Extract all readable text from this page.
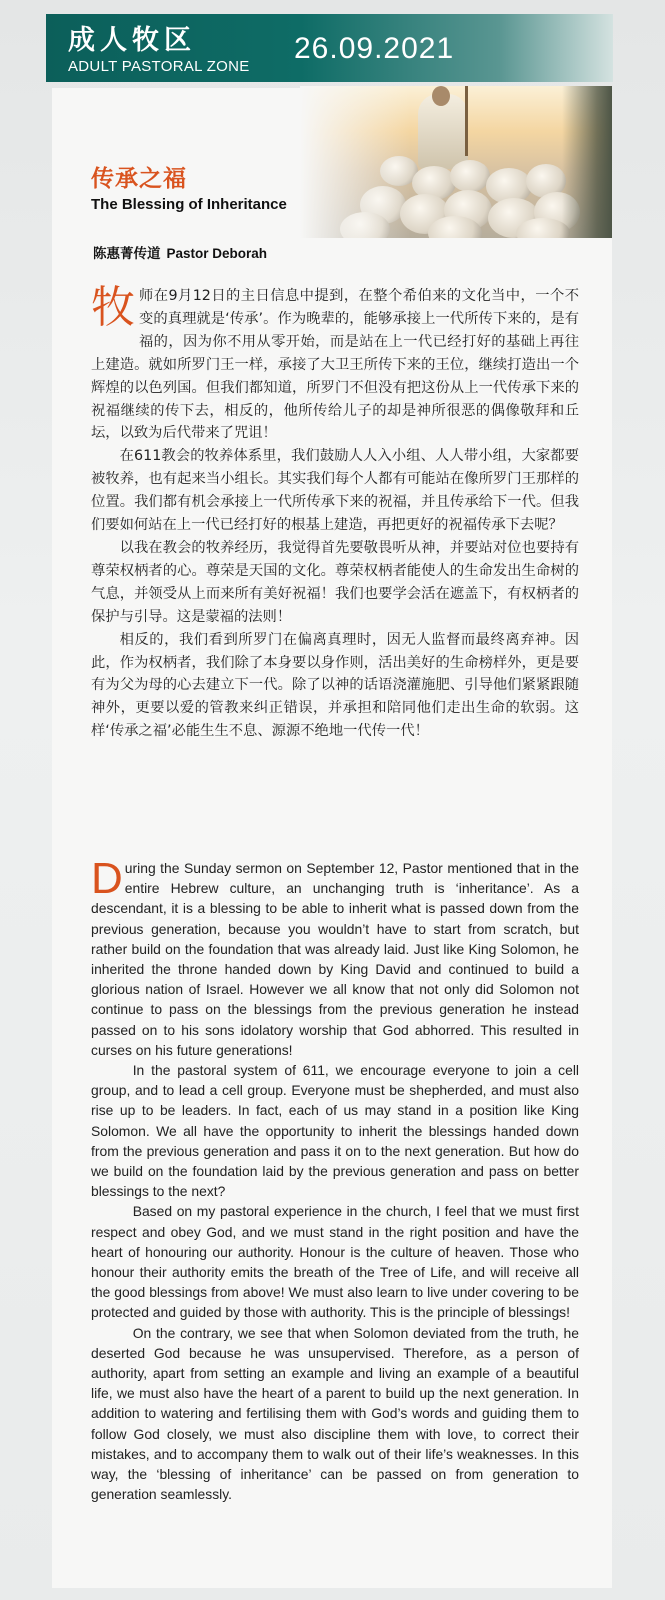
成人牧区
ADULT PASTORAL ZONE
26.09.2021
传承之福
The Blessing of Inheritance
陈惠菁传道 Pastor Deborah

牧师在9月12日的主日信息中提到，在整个希伯来的文化当中，一个不变的真理就是‘传承’。作为晚辈的，能够承接上一代所传下来的，是有福的，因为你不用从零开始，而是站在上一代已经打好的基础上再往上建造。就如所罗门王一样，承接了大卫王所传下来的王位，继续打造出一个辉煌的以色列国。但我们都知道，所罗门不但没有把这份从上一代传承下来的祝福继续的传下去，相反的，他所传给儿子的却是神所很恶的偶像敬拜和丘坛，以致为后代带来了咒诅！

在611教会的牧养体系里，我们鼓励人人入小组、人人带小组，大家都要被牧养，也有起来当小组长。其实我们每个人都有可能站在像所罗门王那样的位置。我们都有机会承接上一代所传承下来的祝福，并且传承给下一代。但我们要如何站在上一代已经打好的根基上建造，再把更好的祝福传承下去呢？

以我在教会的牧养经历，我觉得首先要敬畏听从神，并要站对位也要持有尊荣权柄者的心。尊荣是天国的文化。尊荣权柄者能使人的生命发出生命树的气息，并领受从上而来所有美好祝福！我们也要学会活在遮盖下，有权柄者的保护与引导。这是蒙福的法则！

相反的，我们看到所罗门在偏离真理时，因无人监督而最终离弃神。因此，作为权柄者，我们除了本身要以身作则，活出美好的生命榜样外，更是要有为父为母的心去建立下一代。除了以神的话语浇灌施肥、引导他们紧紧跟随神外，更要以爱的管教来纠正错误，并承担和陪同他们走出生命的软弱。这样‘传承之福’必能生生不息、源源不绝地一代传一代！

During the Sunday sermon on September 12, Pastor mentioned that in the entire Hebrew culture, an unchanging truth is ‘inheritance’. As a descendant, it is a blessing to be able to inherit what is passed down from the previous generation, because you wouldn’t have to start from scratch, but rather build on the foundation that was already laid. Just like King Solomon, he inherited the throne handed down by King David and continued to build a glorious nation of Israel. However we all know that not only did Solomon not continue to pass on the blessings from the previous generation he instead passed on to his sons idolatory worship that God abhorred. This resulted in curses on his future generations!

In the pastoral system of 611, we encourage everyone to join a cell group, and to lead a cell group. Everyone must be shepherded, and must also rise up to be leaders. In fact, each of us may stand in a position like King Solomon. We all have the opportunity to inherit the blessings handed down from the previous generation and pass it on to the next generation. But how do we build on the foundation laid by the previous generation and pass on better blessings to the next?

Based on my pastoral experience in the church, I feel that we must first respect and obey God, and we must stand in the right position and have the heart of honouring our authority. Honour is the culture of heaven. Those who honour their authority emits the breath of the Tree of Life, and will receive all the good blessings from above! We must also learn to live under covering to be protected and guided by those with authority. This is the principle of blessings!

On the contrary, we see that when Solomon deviated from the truth, he deserted God because he was unsupervised. Therefore, as a person of authority, apart from setting an example and living an example of a beautiful life, we must also have the heart of a parent to build up the next generation. In addition to watering and fertilising them with God’s words and guiding them to follow God closely, we must also discipline them with love, to correct their mistakes, and to accompany them to walk out of their life’s weaknesses. In this way, the ‘blessing of inheritance’ can be passed on from generation to generation seamlessly.
